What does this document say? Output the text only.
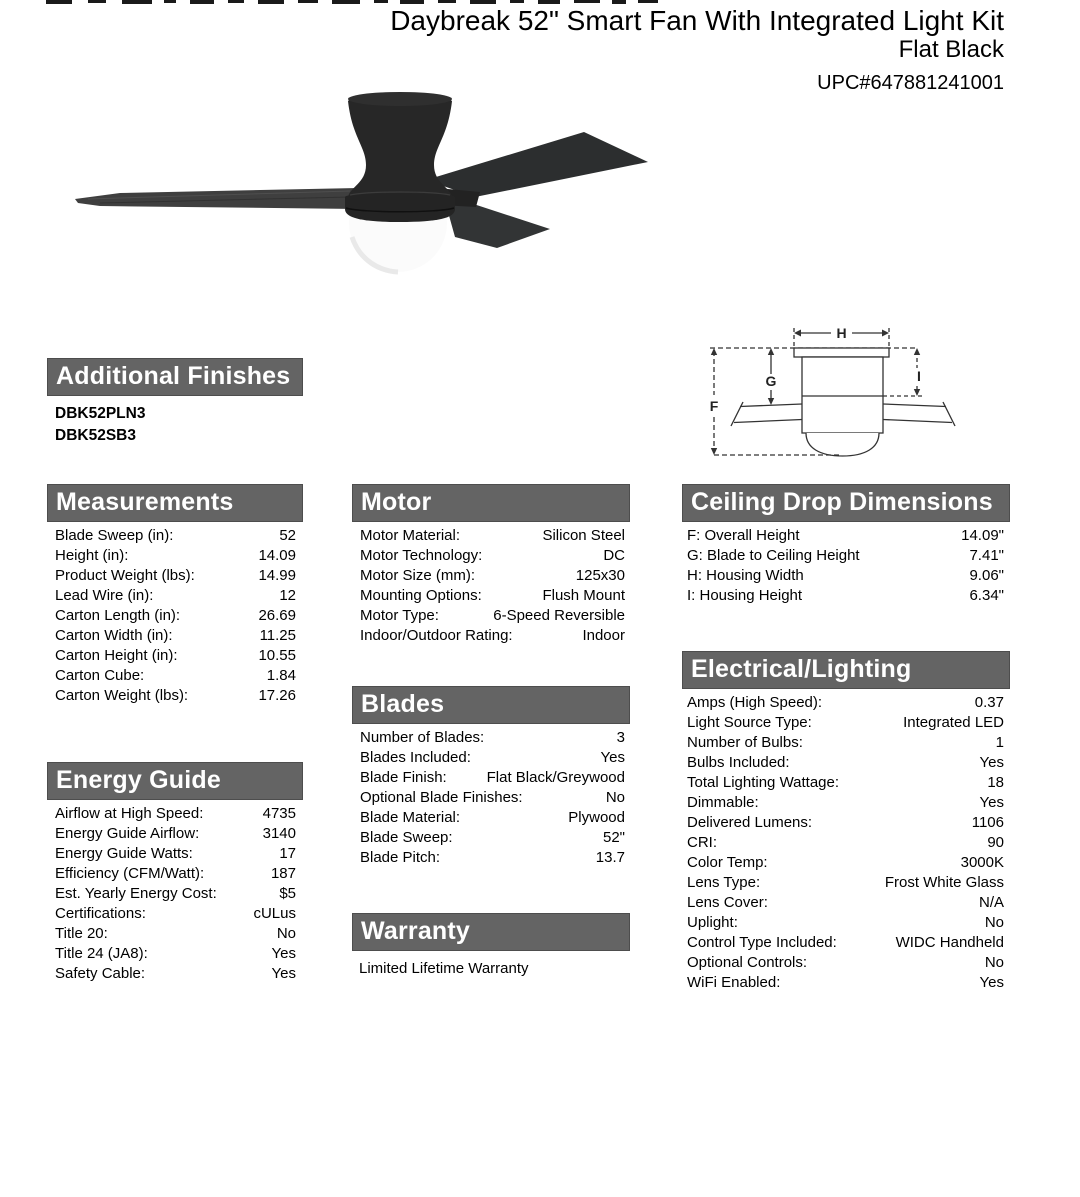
Daybreak 52" Smart Fan With Integrated Light Kit
Flat Black
UPC#647881241001
H
F
G	I
Additional Finishes
DBK52PLN3
DBK52SB3
Measurements
Blade Sweep (in):	52
Height (in):	14.09
Product Weight (lbs):	14.99
Lead Wire (in):	12
Carton Length (in):	26.69
Carton Width (in):	11.25
Carton Height (in):	10.55
Carton Cube:	1.84
Carton Weight (lbs):	17.26
Energy Guide
Airflow at High Speed:	4735
Energy Guide Airflow:	3140
Energy Guide Watts:	17
Efficiency (CFM/Watt):	187
Est. Yearly Energy Cost:	$5
Certifications:	cULus
Title 20:	No
Title 24 (JA8):	Yes
Safety Cable:	Yes
Motor
Motor Material:	Silicon Steel
Motor Technology:	DC
Motor Size (mm):	125x30
Mounting Options:	Flush Mount
Motor Type:	6-Speed Reversible
Indoor/Outdoor Rating:	Indoor
Blades
Number of Blades:	3
Blades Included:	Yes
Blade Finish:	Flat Black/Greywood
Optional Blade Finishes:	No
Blade Material:	Plywood
Blade Sweep:	52"
Blade Pitch:	13.7
Warranty
Limited Lifetime Warranty
Ceiling Drop Dimensions
F: Overall Height	14.09"
G: Blade to Ceiling Height	7.41"
H: Housing Width	9.06"
I: Housing Height	6.34"
Electrical/Lighting
Amps (High Speed):	0.37
Light Source Type:	Integrated LED
Number of Bulbs:	1
Bulbs Included:	Yes
Total Lighting Wattage:	18
Dimmable:	Yes
Delivered Lumens:	1106
CRI:	90
Color Temp:	3000K
Lens Type:	Frost White Glass
Lens Cover:	N/A
Uplight:	No
Control Type Included:	WIDC Handheld
Optional Controls:	No
WiFi Enabled:	Yes
